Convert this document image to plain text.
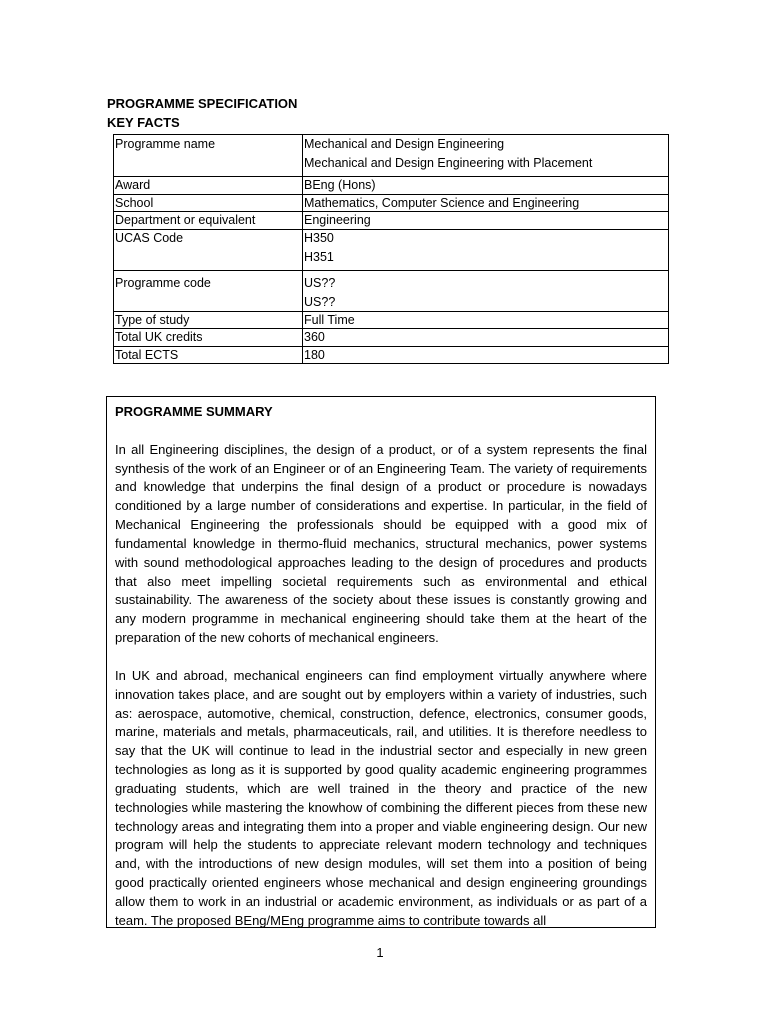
PROGRAMME SPECIFICATION

KEY FACTS

Programme name	Mechanical and Design Engineering
Mechanical and Design Engineering with Placement

Award	BEng (Hons)
School	Mathematics, Computer Science and Engineering
Department or equivalent	Engineering
UCAS Code	H350
H351

Programme code	US??
US??

Type of study	Full Time
Total UK credits	360
Total ECTS	180
PROGRAMME SUMMARY

In all Engineering disciplines, the design of a product, or of a system represents the final synthesis of the work of an Engineer or of an Engineering Team. The variety of requirements and knowledge that underpins the final design of a product or procedure is nowadays conditioned by a large number of considerations and expertise. In particular, in the field of Mechanical Engineering the professionals should be equipped with a good mix of fundamental knowledge in thermo-fluid mechanics, structural mechanics, power systems with sound methodological approaches leading to the design of procedures and products that also meet impelling societal requirements such as environmental and ethical sustainability. The awareness of the society about these issues is constantly growing and any modern programme in mechanical engineering should take them at the heart of the preparation of the new cohorts of mechanical engineers.

In UK and abroad, mechanical engineers can find employment virtually anywhere where innovation takes place, and are sought out by employers within a variety of industries, such as: aerospace, automotive, chemical, construction, defence, electronics, consumer goods, marine, materials and metals, pharmaceuticals, rail, and utilities. It is therefore needless to say that the UK will continue to lead in the industrial sector and especially in new green technologies as long as it is supported by good quality academic engineering programmes graduating students, which are well trained in the theory and practice of the new technologies while mastering the knowhow of combining the different pieces from these new technology areas and integrating them into a proper and viable engineering design. Our new program will help the students to appreciate relevant modern technology and techniques and, with the introductions of new design modules, will set them into a position of being good practically oriented engineers whose mechanical and design engineering groundings allow them to work in an industrial or academic environment, as individuals or as part of a team. The proposed BEng/MEng programme aims to contribute towards all

1
